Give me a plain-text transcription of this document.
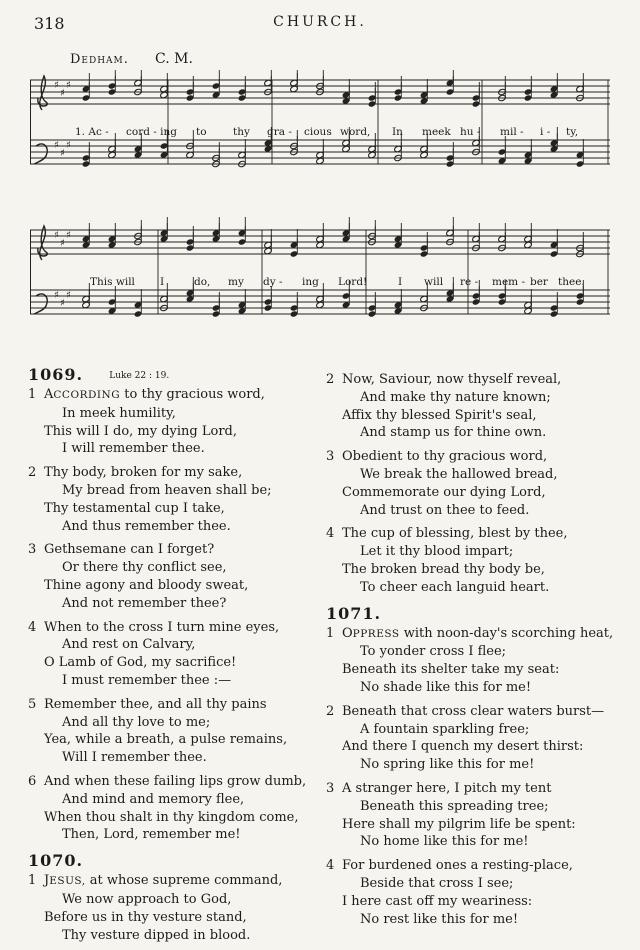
318	CHURCH.
Dedham. C. M.
♯
♯
♯
♯
♯
♯
♯
♯
♯
♯
♯
♯
1. Ac - cord - ing to	thy gra - cious word, In meek hu - mil - i - ty,
This will I	do, my dy - ing Lord!	I will re - mem - ber thee.
1069.	Luke 22 : 19.
1 ACCORDING to thy gracious word,
In meek humility,
This will I do, my dying Lord,
I will remember thee.
2 Thy body, broken for my sake,
My bread from heaven shall be;
Thy testamental cup I take,
And thus remember thee.
3 Gethsemane can I forget?
Or there thy conflict see,
Thine agony and bloody sweat,
And not remember thee?
4 When to the cross I turn mine eyes,
And rest on Calvary,
O Lamb of God, my sacrifice!
I must remember thee :—
5 Remember thee, and all thy pains
And all thy love to me;
Yea, while a breath, a pulse remains,
Will I remember thee.
6 And when these failing lips grow dumb,
And mind and memory flee,
When thou shalt in thy kingdom come,
Then, Lord, remember me!
1070.
1 JESUS, at whose supreme command,
We now approach to God,
Before us in thy vesture stand,
Thy vesture dipped in blood.
2 Now, Saviour, now thyself reveal,
And make thy nature known;
Affix thy blessed Spirit's seal,
And stamp us for thine own.
3 Obedient to thy gracious word,
We break the hallowed bread,
Commemorate our dying Lord,
And trust on thee to feed.
4 The cup of blessing, blest by thee,
Let it thy blood impart;
The broken bread thy body be,
To cheer each languid heart.
1071.
1 OPPRESS with noon-day's scorching heat,
To yonder cross I flee;
Beneath its shelter take my seat:
No shade like this for me!
2 Beneath that cross clear waters burst—
A fountain sparkling free;
And there I quench my desert thirst:
No spring like this for me!
3 A stranger here, I pitch my tent
Beneath this spreading tree;
Here shall my pilgrim life be spent:
No home like this for me!
4 For burdened ones a resting-place,
Beside that cross I see;
I here cast off my weariness:
No rest like this for me!
